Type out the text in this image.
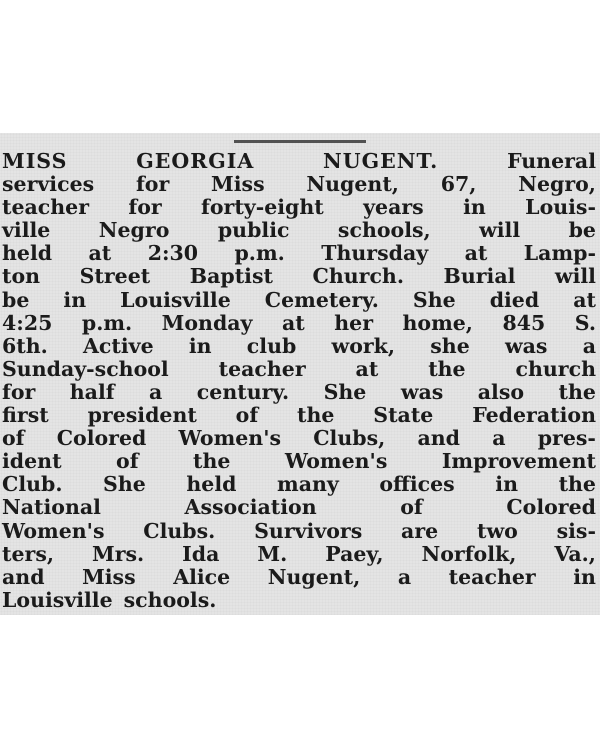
MISS	GEORGIA	NUGENT.	Funeral
services for Miss Nugent, 67, Negro,
teacher for forty-eight years in Louis-
ville Negro public schools, will be
held at 2:30 p.m. Thursday at Lamp-
ton Street Baptist Church. Burial will
be in Louisville Cemetery. She died at
4:25 p.m. Monday at her home, 845 S.
6th. Active in club work, she was a
Sunday-school teacher at the church
for half a century. She was also the
first president of the State Federation
of Colored Women's Clubs, and a pres-
ident	of	the	Women's	Improvement
Club. She held many offices in the
National	Association	of	Colored
Women's Clubs. Survivors are two sis-
ters, Mrs. Ida M. Paey, Norfolk, Va.,
and Miss Alice Nugent, a teacher in
Louisville schools.
